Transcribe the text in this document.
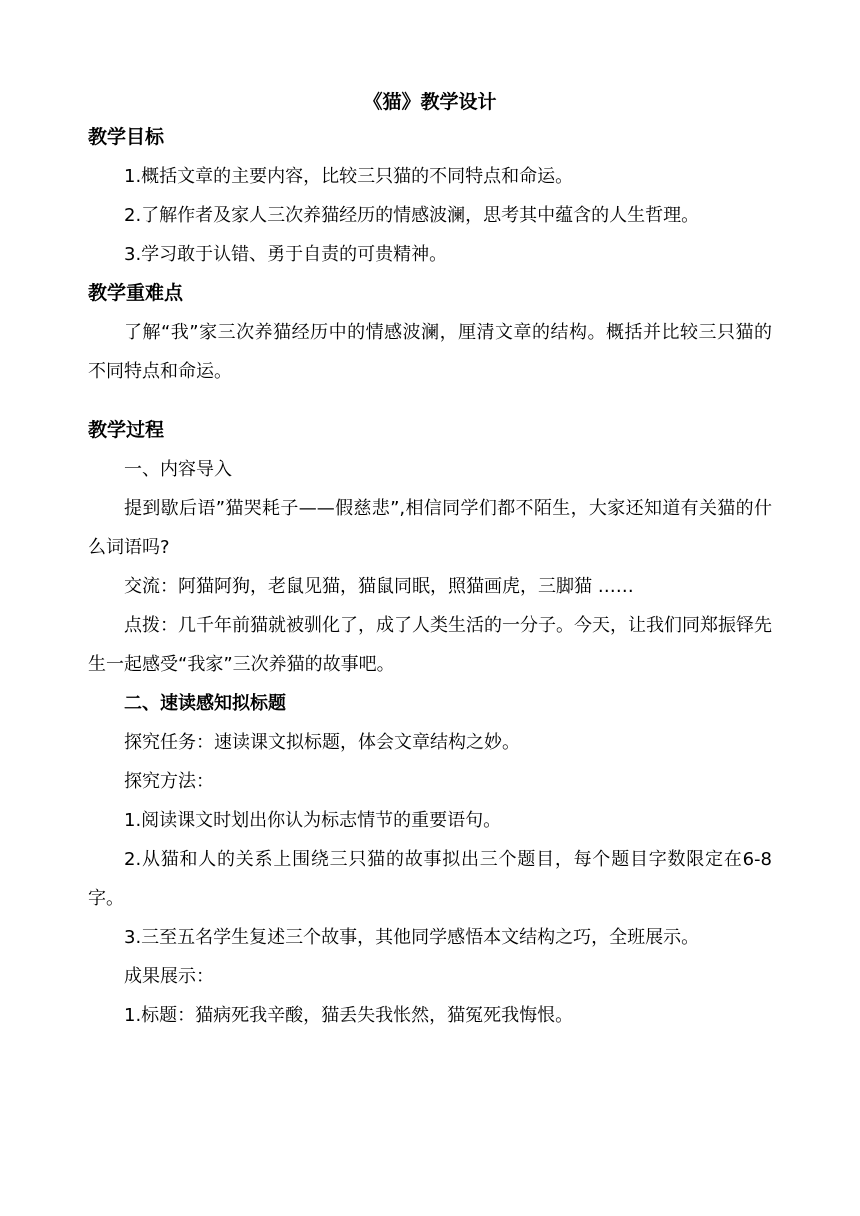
《猫》教学设计

教学目标

1.概括文章的主要内容，比较三只猫的不同特点和命运。

2.了解作者及家人三次养猫经历的情感波澜，思考其中蕴含的人生哲理。

3.学习敢于认错、勇于自责的可贵精神。

教学重难点

了解“我”家三次养猫经历中的情感波澜，厘清文章的结构。概括并比较三只猫的不同特点和命运。

教学过程

一、内容导入

提到歇后语”猫哭耗子——假慈悲”,相信同学们都不陌生，大家还知道有关猫的什么词语吗?

交流：阿猫阿狗，老鼠见猫，猫鼠同眠，照猫画虎，三脚猫 ……

点拨：几千年前猫就被驯化了，成了人类生活的一分子。今天，让我们同郑振铎先生一起感受“我家”三次养猫的故事吧。

二、速读感知拟标题

探究任务：速读课文拟标题，体会文章结构之妙。

探究方法：

1.阅读课文时划出你认为标志情节的重要语句。

2.从猫和人的关系上围绕三只猫的故事拟出三个题目，每个题目字数限定在6-8字。

3.三至五名学生复述三个故事，其他同学感悟本文结构之巧，全班展示。

成果展示：

1.标题：猫病死我辛酸，猫丢失我怅然，猫冤死我悔恨。
